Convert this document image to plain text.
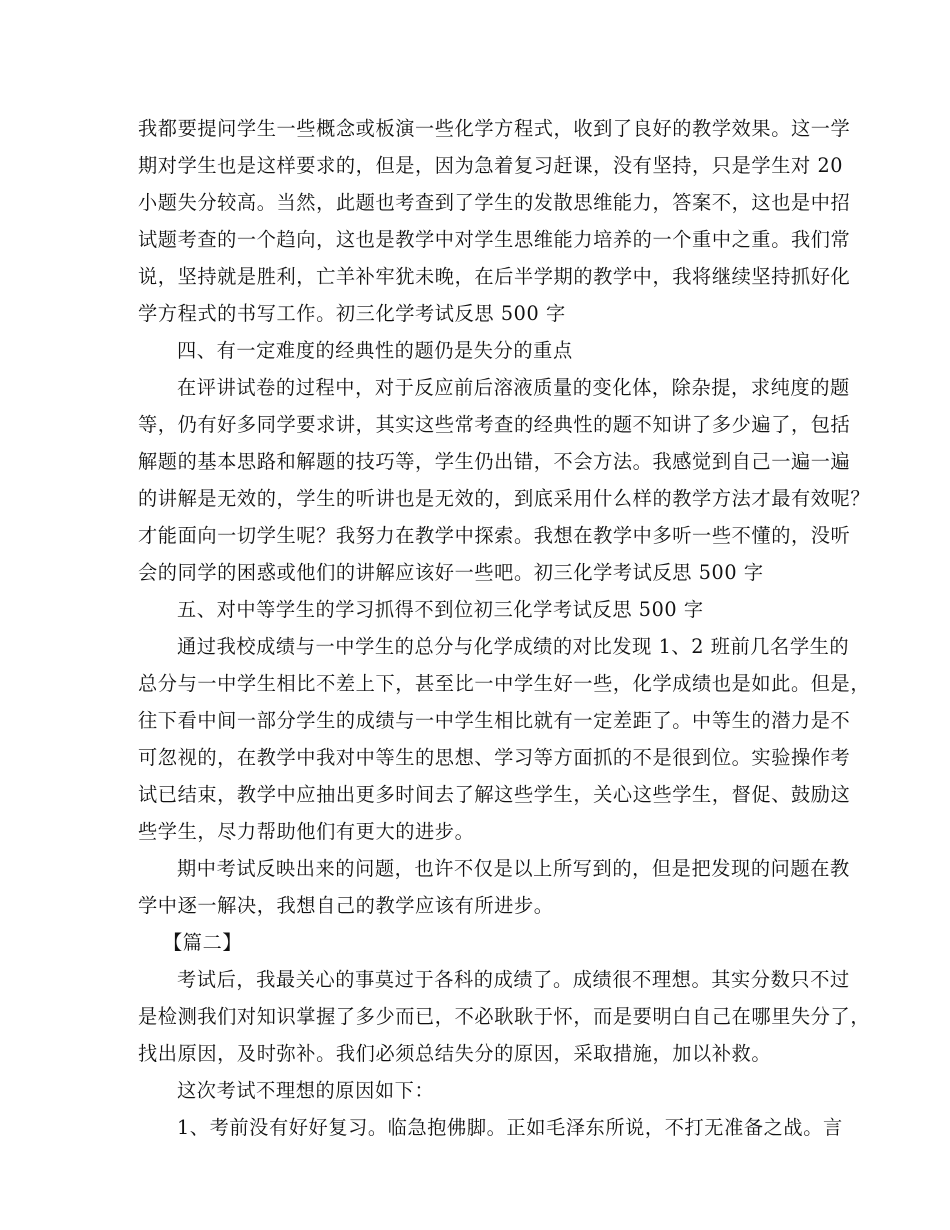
我都要提问学生一些概念或板演一些化学方程式，收到了良好的教学效果。这一学
期对学生也是这样要求的，但是，因为急着复习赶课，没有坚持，只是学生对 20
小题失分较高。当然，此题也考查到了学生的发散思维能力，答案不，这也是中招
试题考查的一个趋向，这也是教学中对学生思维能力培养的一个重中之重。我们常
说，坚持就是胜利，亡羊补牢犹未晚，在后半学期的教学中，我将继续坚持抓好化
学方程式的书写工作。初三化学考试反思 500 字
四、有一定难度的经典性的题仍是失分的重点
在评讲试卷的过程中，对于反应前后溶液质量的变化体，除杂提，求纯度的题
等，仍有好多同学要求讲，其实这些常考查的经典性的题不知讲了多少遍了，包括
解题的基本思路和解题的技巧等，学生仍出错，不会方法。我感觉到自己一遍一遍
的讲解是无效的，学生的听讲也是无效的，到底采用什么样的教学方法才最有效呢？
才能面向一切学生呢？我努力在教学中探索。我想在教学中多听一些不懂的，没听
会的同学的困惑或他们的讲解应该好一些吧。初三化学考试反思 500 字
五、对中等学生的学习抓得不到位初三化学考试反思 500 字
通过我校成绩与一中学生的总分与化学成绩的对比发现 1、2 班前几名学生的
总分与一中学生相比不差上下，甚至比一中学生好一些，化学成绩也是如此。但是，
往下看中间一部分学生的成绩与一中学生相比就有一定差距了。中等生的潜力是不
可忽视的，在教学中我对中等生的思想、学习等方面抓的不是很到位。实验操作考
试已结束，教学中应抽出更多时间去了解这些学生，关心这些学生，督促、鼓励这
些学生，尽力帮助他们有更大的进步。
期中考试反映出来的问题，也许不仅是以上所写到的，但是把发现的问题在教
学中逐一解决，我想自己的教学应该有所进步。
【篇二】
考试后，我最关心的事莫过于各科的成绩了。成绩很不理想。其实分数只不过
是检测我们对知识掌握了多少而已，不必耿耿于怀，而是要明白自己在哪里失分了，
找出原因，及时弥补。我们必须总结失分的原因，采取措施，加以补救。
这次考试不理想的原因如下：
1、考前没有好好复习。临急抱佛脚。正如毛泽东所说，不打无准备之战。言
